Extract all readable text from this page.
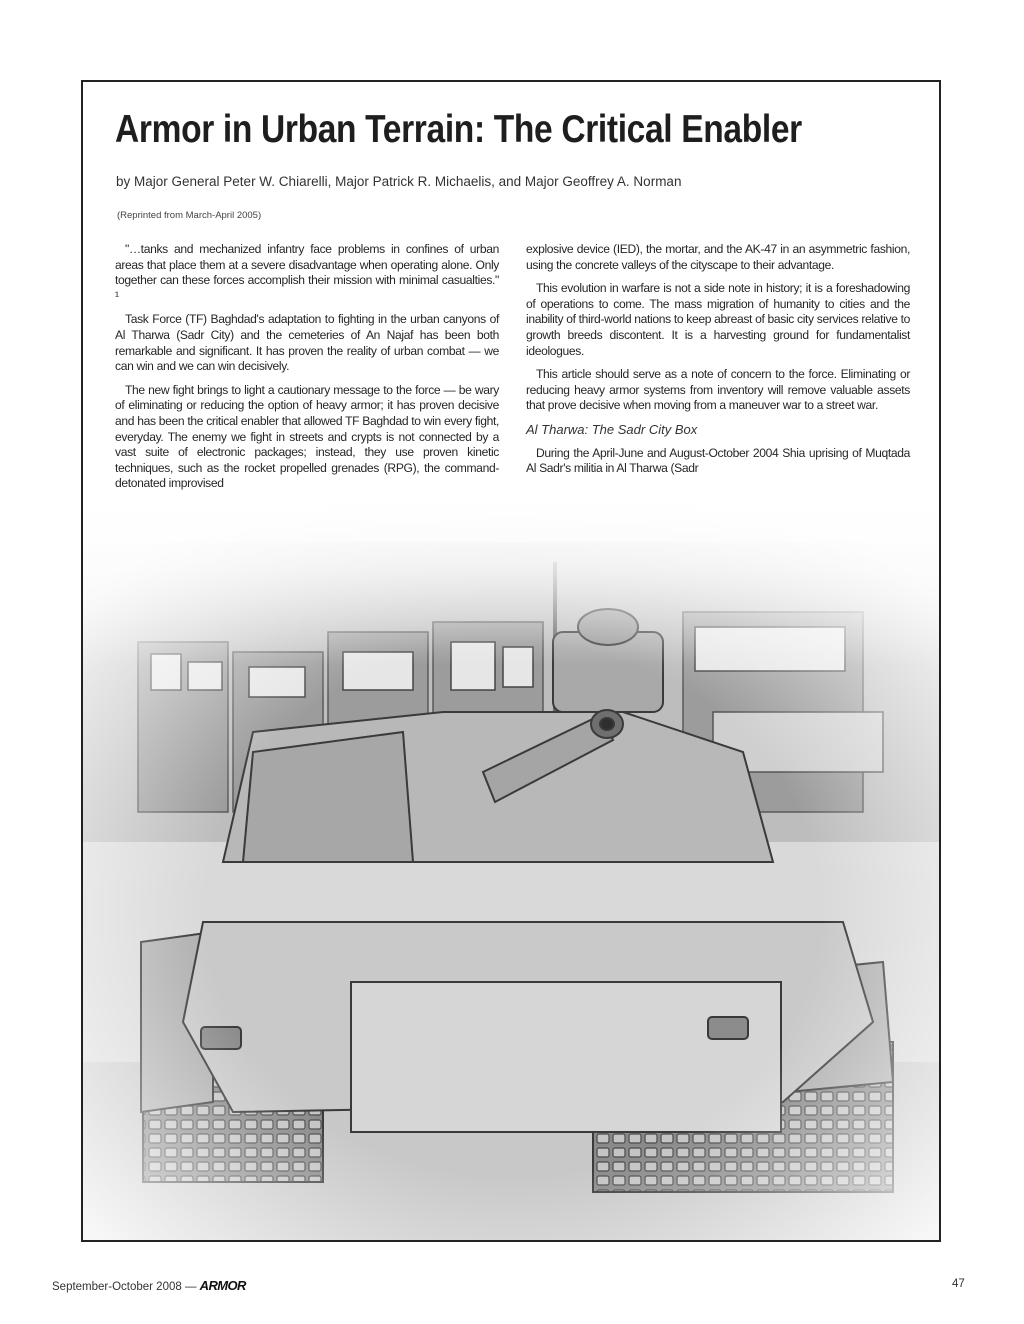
Armor in Urban Terrain: The Critical Enabler
by Major General Peter W. Chiarelli, Major Patrick R. Michaelis, and Major Geoffrey A. Norman
(Reprinted from March-April 2005)

"…tanks and mechanized infantry face problems in confines of urban areas that place them at a severe disadvantage when operating alone. Only together can these forces accomplish their mission with minimal casualties." ¹

Task Force (TF) Baghdad's adaptation to fighting in the urban canyons of Al Tharwa (Sadr City) and the cemeteries of An Najaf has been both remarkable and significant. It has proven the reality of urban combat — we can win and we can win decisively.

The new fight brings to light a cautionary message to the force — be wary of eliminating or reducing the option of heavy armor; it has proven decisive and has been the critical enabler that allowed TF Baghdad to win every fight, everyday. The enemy we fight in streets and crypts is not connected by a vast suite of electronic packages; instead, they use proven kinetic techniques, such as the rocket propelled grenades (RPG), the command-detonated improvised

explosive device (IED), the mortar, and the AK-47 in an asymmetric fashion, using the concrete valleys of the cityscape to their advantage.

This evolution in warfare is not a side note in history; it is a foreshadowing of operations to come. The mass migration of humanity to cities and the inability of third-world nations to keep abreast of basic city services relative to growth breeds discontent. It is a harvesting ground for fundamentalist ideologues.

This article should serve as a note of concern to the force. Eliminating or reducing heavy armor systems from inventory will remove valuable assets that prove decisive when moving from a maneuver war to a street war.

Al Tharwa: The Sadr City Box

During the April-June and August-October 2004 Shia uprising of Muqtada Al Sadr's militia in Al Tharwa (Sadr

September-October 2008 — ARMOR	47
